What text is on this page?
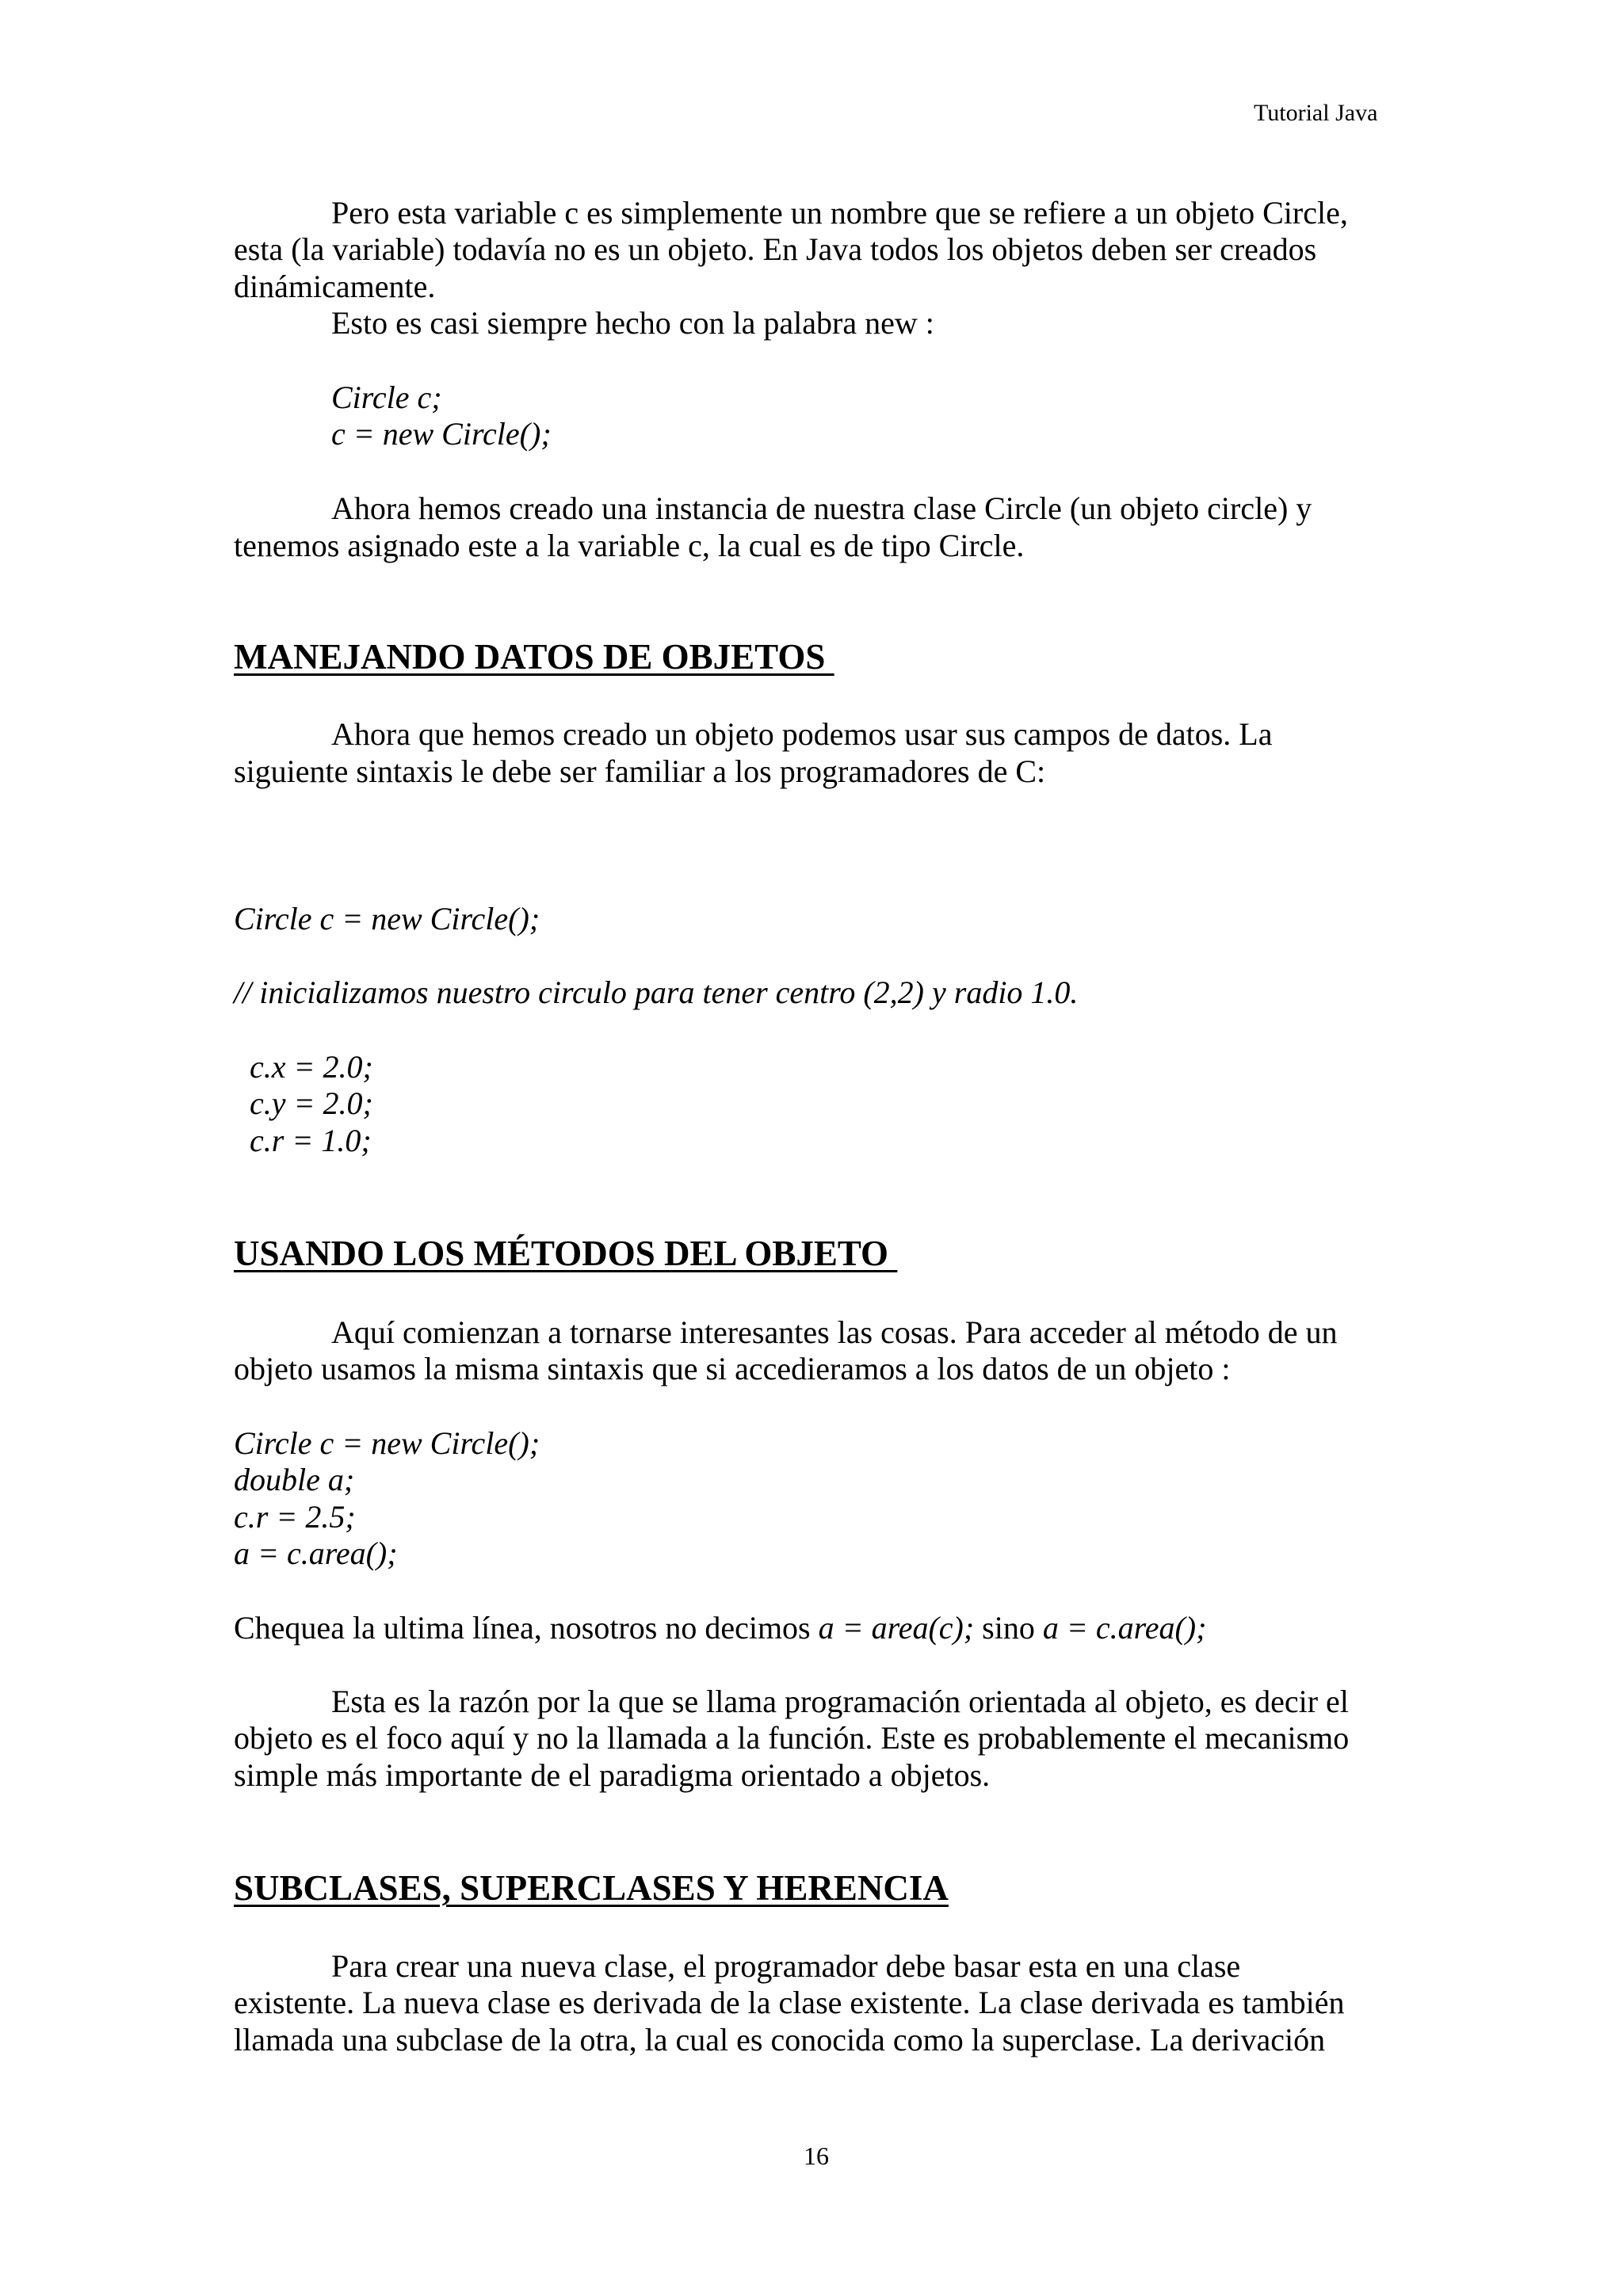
Tutorial Java
Pero esta variable c es simplemente un nombre que se refiere a un objeto Circle,
esta (la variable) todavía no es un objeto. En Java todos los objetos deben ser creados
dinámicamente.
Esto es casi siempre hecho con la palabra new :
Circle c;
c = new Circle();
Ahora hemos creado una instancia de nuestra clase Circle (un objeto circle) y
tenemos asignado este a la variable c, la cual es de tipo Circle.
MANEJANDO DATOS DE OBJETOS
Ahora que hemos creado un objeto podemos usar sus campos de datos. La
siguiente sintaxis le debe ser familiar a los programadores de C:
Circle c = new Circle();
// inicializamos nuestro circulo para tener centro (2,2) y radio 1.0.
c.x = 2.0;
c.y = 2.0;
c.r = 1.0;
USANDO LOS MÉTODOS DEL OBJETO
Aquí comienzan a tornarse interesantes las cosas. Para acceder al método de un
objeto usamos la misma sintaxis que si accedieramos a los datos de un objeto :
Circle c = new Circle();
double a;
c.r = 2.5;
a = c.area();
Chequea la ultima línea, nosotros no decimos a = area(c); sino a = c.area();
Esta es la razón por la que se llama programación orientada al objeto, es decir el
objeto es el foco aquí y no la llamada a la función. Este es probablemente el mecanismo
simple más importante de el paradigma orientado a objetos.
SUBCLASES, SUPERCLASES Y HERENCIA
Para crear una nueva clase, el programador debe basar esta en una clase
existente. La nueva clase es derivada de la clase existente. La clase derivada es también
llamada una subclase de la otra, la cual es conocida como la superclase. La derivación
16
